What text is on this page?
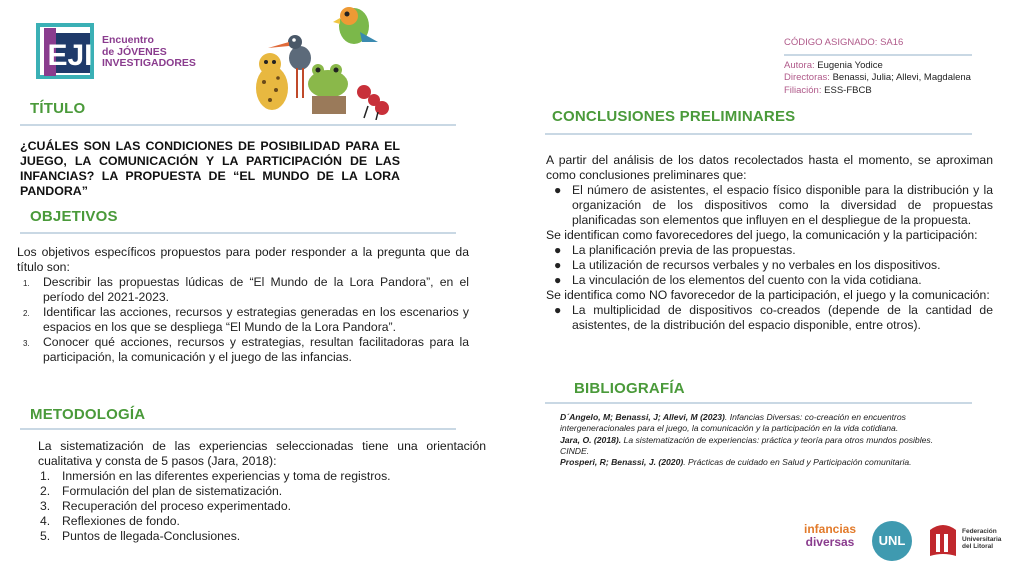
EJI Encuentro
de JÓVENES
INVESTIGADORES
CÓDIGO ASIGNADO: SA16
Autora: Eugenia Yodice
Directoras: Benassi, Julia; Allevi, Magdalena
Filiación: ESS-FBCB
TÍTULO
¿CUÁLES SON LAS CONDICIONES DE POSIBILIDAD PARA EL JUEGO, LA COMUNICACIÓN Y LA PARTICIPACIÓN DE LAS INFANCIAS? LA PROPUESTA DE “EL MUNDO DE LA LORA PANDORA”
OBJETIVOS
Los objetivos específicos propuestos para poder responder a la pregunta que da título son:
1. Describir las propuestas lúdicas de “El Mundo de la Lora Pandora”, en el período del 2021-2023.
2. Identificar las acciones, recursos y estrategias generadas en los escenarios y espacios en los que se despliega “El Mundo de la Lora Pandora”.
3. Conocer qué acciones, recursos y estrategias, resultan facilitadoras para la participación, la comunicación y el juego de las infancias.
METODOLOGÍA
La sistematización de las experiencias seleccionadas tiene una orientación cualitativa y consta de 5 pasos (Jara, 2018):
1. Inmersión en las diferentes experiencias y toma de registros.
2. Formulación del plan de sistematización.
3. Recuperación del proceso experimentado.
4. Reflexiones de fondo.
5. Puntos de llegada-Conclusiones.
CONCLUSIONES PRELIMINARES
A partir del análisis de los datos recolectados hasta el momento, se aproximan como conclusiones preliminares que:
● El número de asistentes, el espacio físico disponible para la distribución y la organización de los dispositivos como la diversidad de propuestas planificadas son elementos que influyen en el despliegue de la propuesta.
Se identifican como favorecedores del juego, la comunicación y la participación:
● La planificación previa de las propuestas.
● La utilización de recursos verbales y no verbales en los dispositivos.
● La vinculación de los elementos del cuento con la vida cotidiana.
Se identifica como NO favorecedor de la participación, el juego y la comunicación:
● La multiplicidad de dispositivos co-creados (depende de la cantidad de asistentes, de la distribución del espacio disponible, entre otros).
BIBLIOGRAFÍA
D´Angelo, M; Benassi, J; Allevi, M (2023). Infancias Diversas: co-creación en encuentros intergeneracionales para el juego, la comunicación y la participación en la vida cotidiana.
Jara, O. (2018). La sistematización de experiencias: práctica y teoría para otros mundos posibles. CINDE.
Prosperi, R; Benassi, J. (2020). Prácticas de cuidado en Salud y Participación comunitaria.
infancias
diversas	UNL
Federación
Universitaria
del Litoral
